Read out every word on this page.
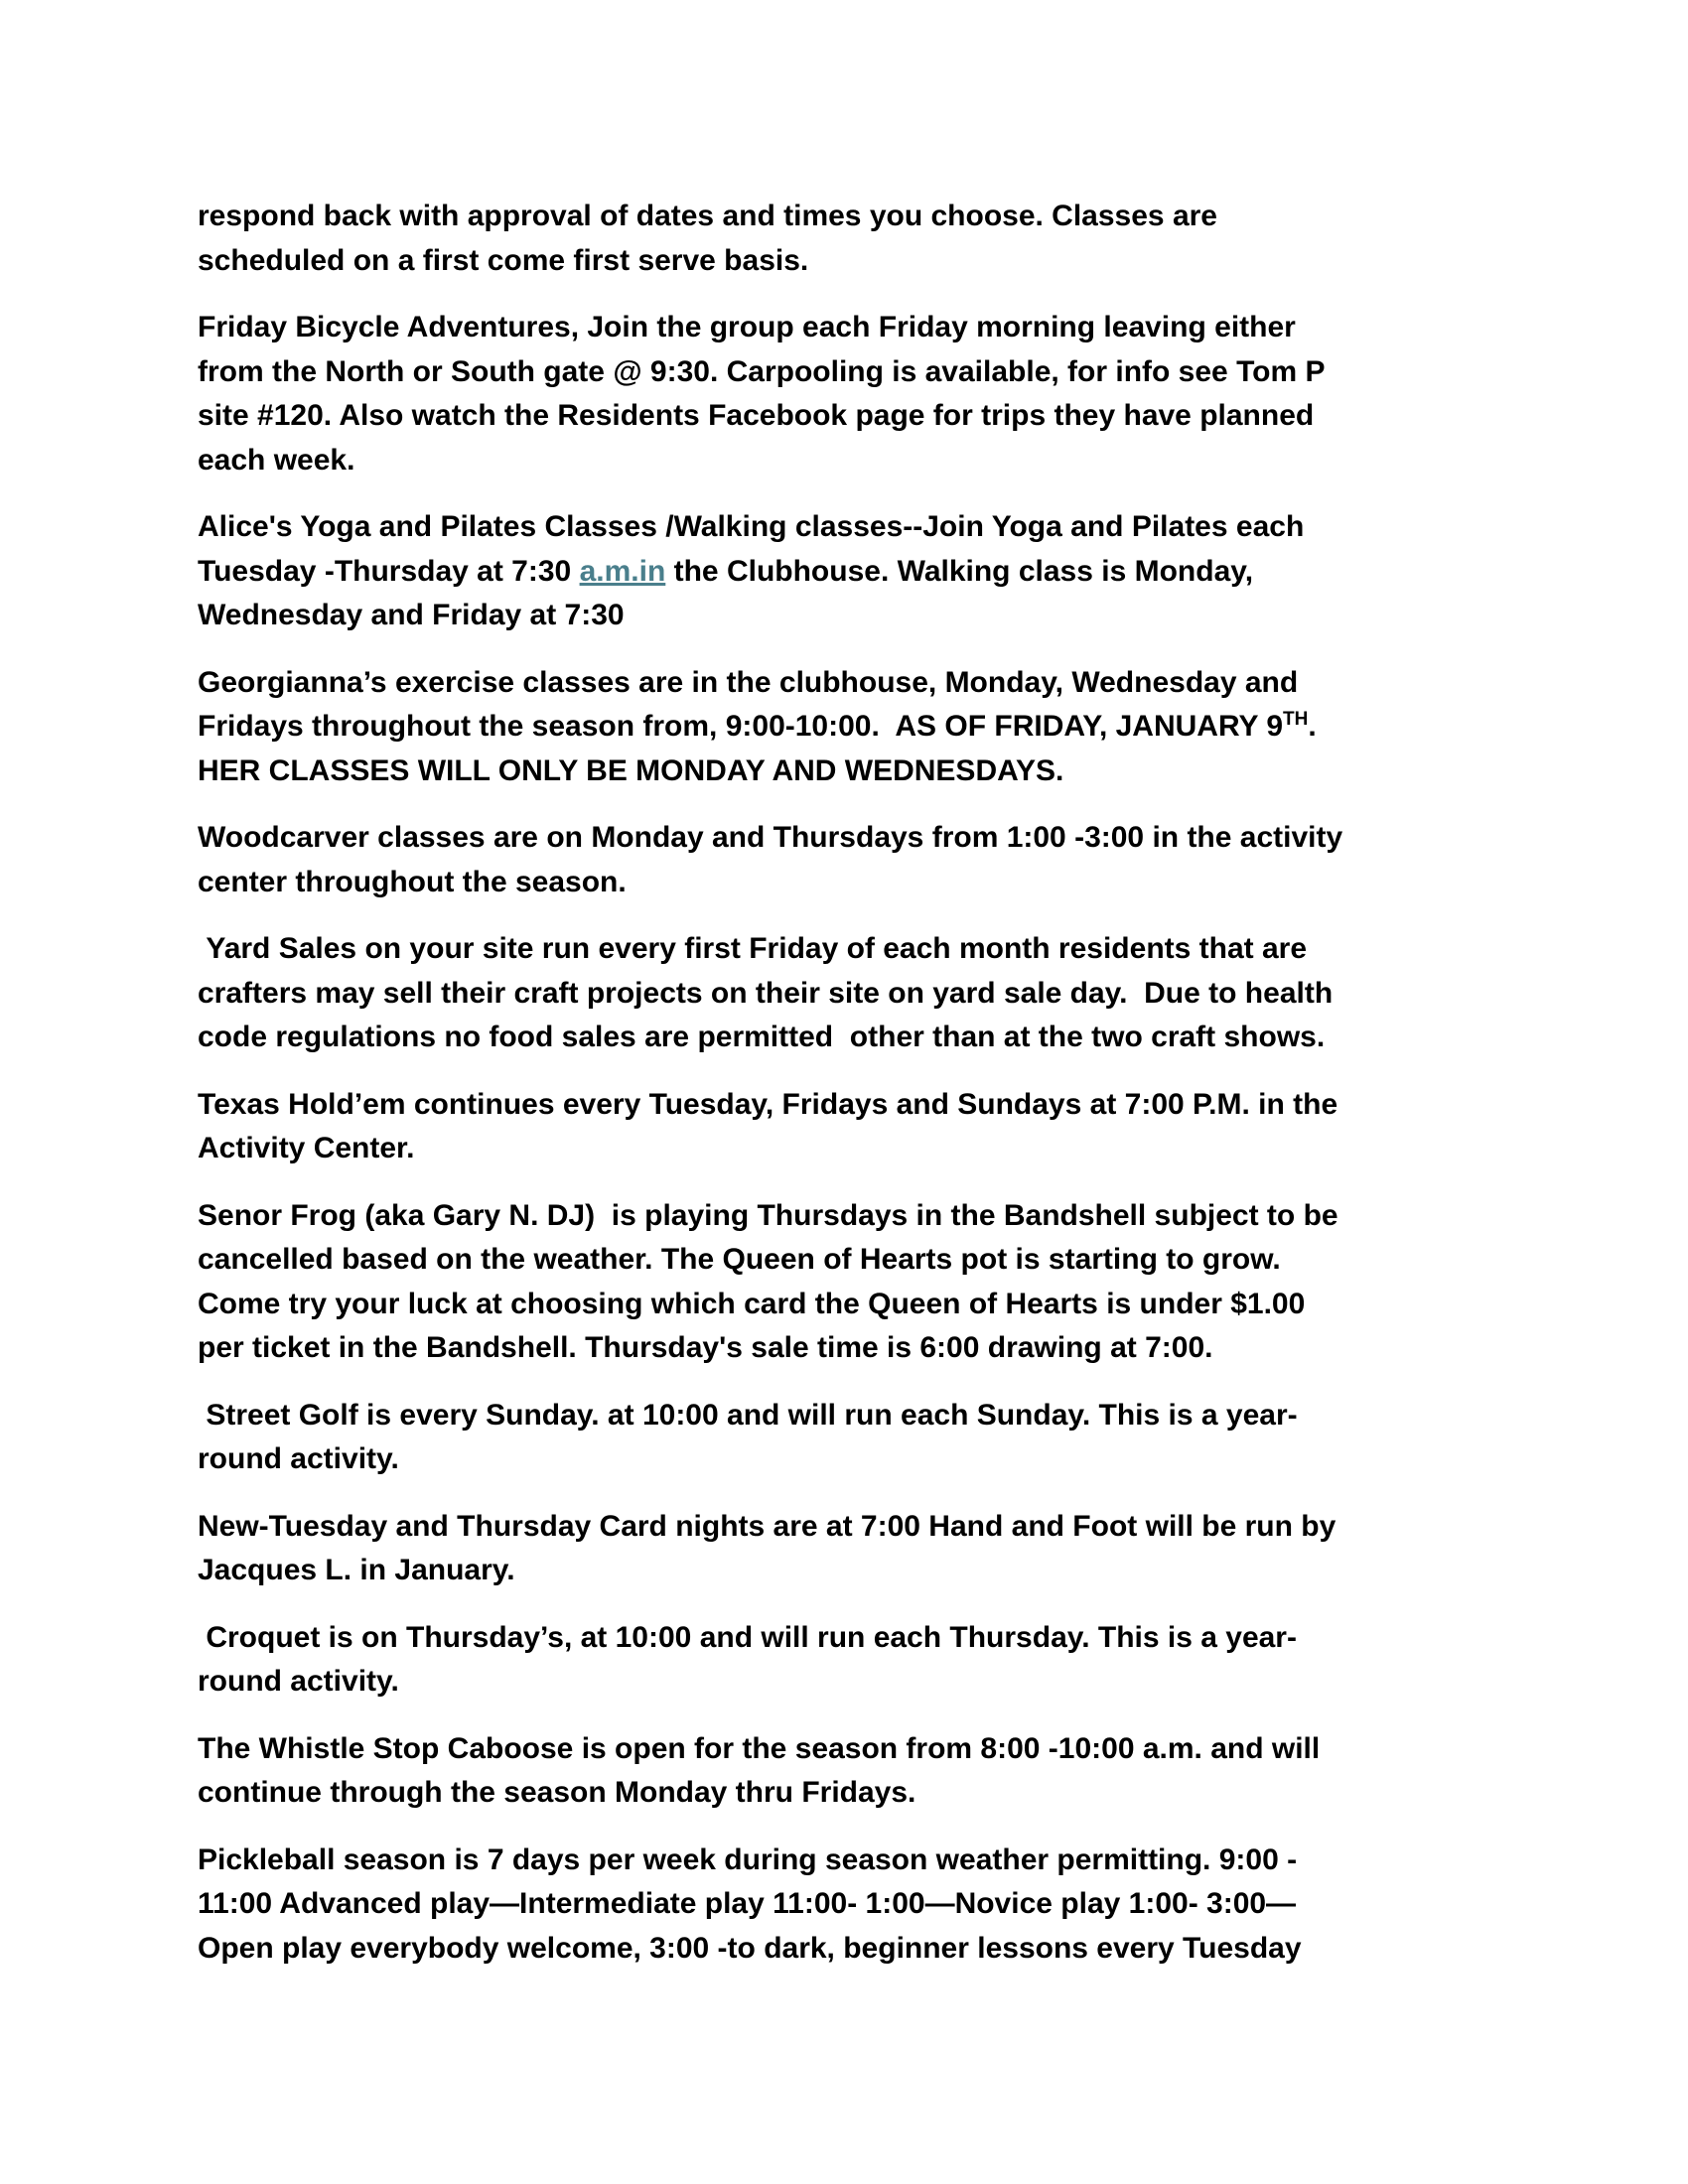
respond back with approval of dates and times you choose. Classes are
scheduled on a first come first serve basis.

Friday Bicycle Adventures, Join the group each Friday morning leaving either
from the North or South gate @ 9:30. Carpooling is available, for info see Tom P
site #120. Also watch the Residents Facebook page for trips they have planned
each week.

Alice's Yoga and Pilates Classes /Walking classes--Join Yoga and Pilates each
Tuesday -Thursday at 7:30 a.m.in the Clubhouse. Walking class is Monday,
Wednesday and Friday at 7:30

Georgianna’s exercise classes are in the clubhouse, Monday, Wednesday and
Fridays throughout the season from, 9:00-10:00.  AS OF FRIDAY, JANUARY 9TH.
HER CLASSES WILL ONLY BE MONDAY AND WEDNESDAYS.

Woodcarver classes are on Monday and Thursdays from 1:00 -3:00 in the activity
center throughout the season.

Yard Sales on your site run every first Friday of each month residents that are
crafters may sell their craft projects on their site on yard sale day.  Due to health
code regulations no food sales are permitted  other than at the two craft shows.

Texas Hold’em continues every Tuesday, Fridays and Sundays at 7:00 P.M. in the
Activity Center.

Senor Frog (aka Gary N. DJ)  is playing Thursdays in the Bandshell subject to be
cancelled based on the weather. The Queen of Hearts pot is starting to grow.
Come try your luck at choosing which card the Queen of Hearts is under $1.00
per ticket in the Bandshell. Thursday's sale time is 6:00 drawing at 7:00.

Street Golf is every Sunday. at 10:00 and will run each Sunday. This is a year-
round activity.

New-Tuesday and Thursday Card nights are at 7:00 Hand and Foot will be run by
Jacques L. in January.

Croquet is on Thursday’s, at 10:00 and will run each Thursday. This is a year-
round activity.

The Whistle Stop Caboose is open for the season from 8:00 -10:00 a.m. and will
continue through the season Monday thru Fridays.

Pickleball season is 7 days per week during season weather permitting. 9:00 -
11:00 Advanced play—Intermediate play 11:00- 1:00—Novice play 1:00- 3:00—
Open play everybody welcome, 3:00 -to dark, beginner lessons every Tuesday
